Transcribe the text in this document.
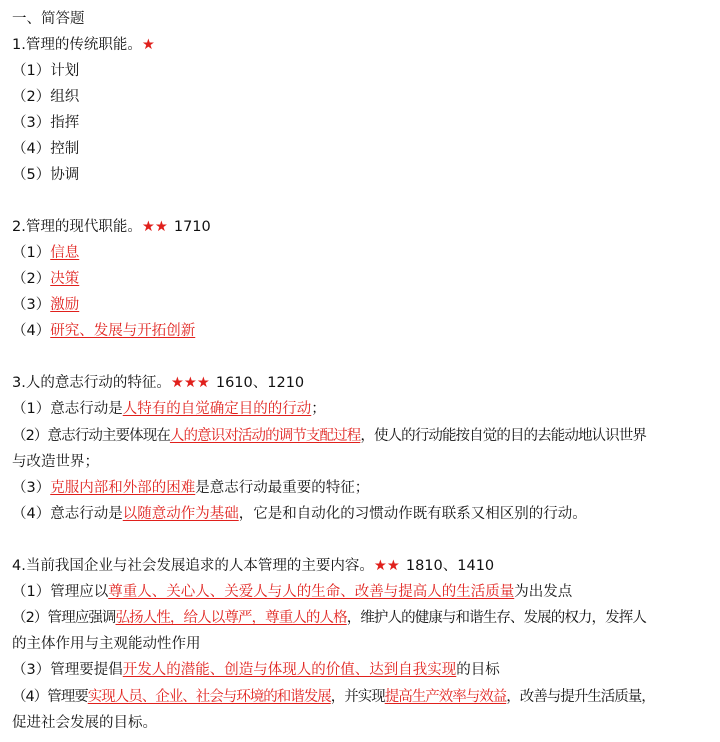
一、简答题
1.管理的传统职能。★
（1）计划
（2）组织
（3）指挥
（4）控制
（5）协调
2.管理的现代职能。★★ 1710
（1）信息
（2）决策
（3）激励
（4）研究、发展与开拓创新
3.人的意志行动的特征。★★★ 1610、1210
（1）意志行动是人特有的自觉确定目的的行动；
（2）意志行动主要体现在人的意识对活动的调节支配过程，使人的行动能按自觉的目的去能动地认识世界
与改造世界；
（3）克服内部和外部的困难是意志行动最重要的特征；
（4）意志行动是以随意动作为基础，它是和自动化的习惯动作既有联系又相区别的行动。
4.当前我国企业与社会发展追求的人本管理的主要内容。★★ 1810、1410
（1）管理应以尊重人、关心人、关爱人与人的生命、改善与提高人的生活质量为出发点
（2）管理应强调弘扬人性，给人以尊严，尊重人的人格，维护人的健康与和谐生存、发展的权力，发挥人
的主体作用与主观能动性作用
（3）管理要提倡开发人的潜能、创造与体现人的价值、达到自我实现的目标
（4）管理要实现人员、企业、社会与环境的和谐发展，并实现提高生产效率与效益，改善与提升生活质量，
促进社会发展的目标。
